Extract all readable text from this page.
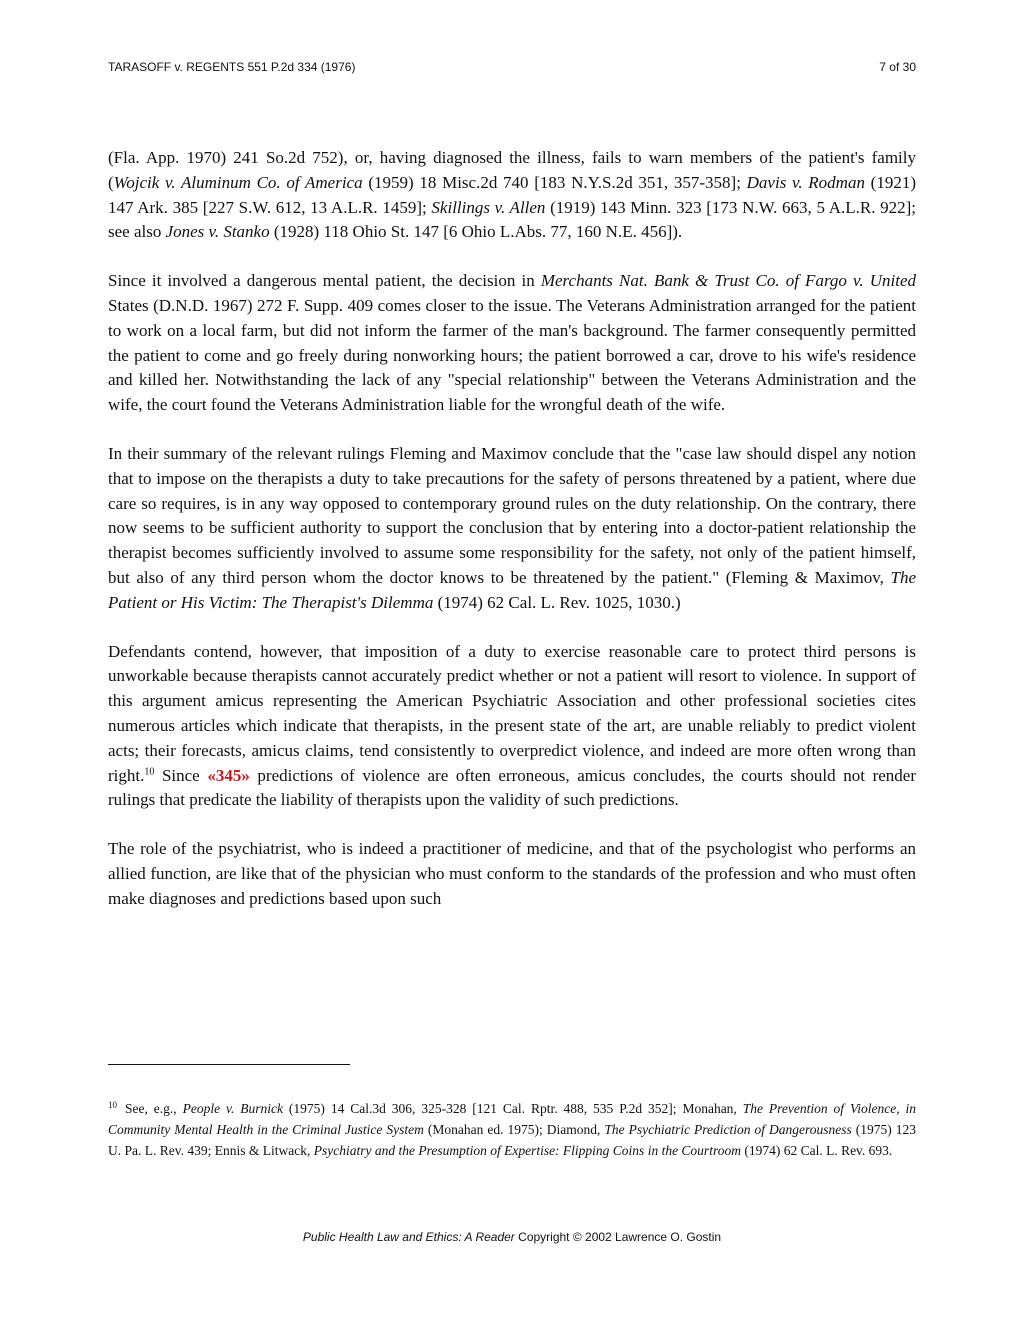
TARASOFF v. REGENTS 551 P.2d 334 (1976)	7 of 30

(Fla. App. 1970) 241 So.2d 752), or, having diagnosed the illness, fails to warn members of the patient's family (Wojcik v. Aluminum Co. of America (1959) 18 Misc.2d 740 [183 N.Y.S.2d 351, 357-358]; Davis v. Rodman (1921) 147 Ark. 385 [227 S.W. 612, 13 A.L.R. 1459]; Skillings v. Allen (1919) 143 Minn. 323 [173 N.W. 663, 5 A.L.R. 922]; see also Jones v. Stanko (1928) 118 Ohio St. 147 [6 Ohio L.Abs. 77, 160 N.E. 456]).

Since it involved a dangerous mental patient, the decision in Merchants Nat. Bank & Trust Co. of Fargo v. United States (D.N.D. 1967) 272 F. Supp. 409 comes closer to the issue. The Veterans Administration arranged for the patient to work on a local farm, but did not inform the farmer of the man's background. The farmer consequently permitted the patient to come and go freely during nonworking hours; the patient borrowed a car, drove to his wife's residence and killed her. Notwithstanding the lack of any "special relationship" between the Veterans Administration and the wife, the court found the Veterans Administration liable for the wrongful death of the wife.

In their summary of the relevant rulings Fleming and Maximov conclude that the "case law should dispel any notion that to impose on the therapists a duty to take precautions for the safety of persons threatened by a patient, where due care so requires, is in any way opposed to contemporary ground rules on the duty relationship. On the contrary, there now seems to be sufficient authority to support the conclusion that by entering into a doctor-patient relationship the therapist becomes sufficiently involved to assume some responsibility for the safety, not only of the patient himself, but also of any third person whom the doctor knows to be threatened by the patient." (Fleming & Maximov, The Patient or His Victim: The Therapist's Dilemma (1974) 62 Cal. L. Rev. 1025, 1030.)

Defendants contend, however, that imposition of a duty to exercise reasonable care to protect third persons is unworkable because therapists cannot accurately predict whether or not a patient will resort to violence. In support of this argument amicus representing the American Psychiatric Association and other professional societies cites numerous articles which indicate that therapists, in the present state of the art, are unable reliably to predict violent acts; their forecasts, amicus claims, tend consistently to overpredict violence, and indeed are more often wrong than right.$^{10}$ Since «345» predictions of violence are often erroneous, amicus concludes, the courts should not render rulings that predicate the liability of therapists upon the validity of such predictions.

The role of the psychiatrist, who is indeed a practitioner of medicine, and that of the psychologist who performs an allied function, are like that of the physician who must conform to the standards of the profession and who must often make diagnoses and predictions based upon such

$^{10}$ See, e.g., People v. Burnick (1975) 14 Cal.3d 306, 325-328 [121 Cal. Rptr. 488, 535 P.2d 352]; Monahan, The Prevention of Violence, in Community Mental Health in the Criminal Justice System (Monahan ed. 1975); Diamond, The Psychiatric Prediction of Dangerousness (1975) 123 U. Pa. L. Rev. 439; Ennis & Litwack, Psychiatry and the Presumption of Expertise: Flipping Coins in the Courtroom (1974) 62 Cal. L. Rev. 693.
Public Health Law and Ethics: A Reader Copyright © 2002 Lawrence O. Gostin
